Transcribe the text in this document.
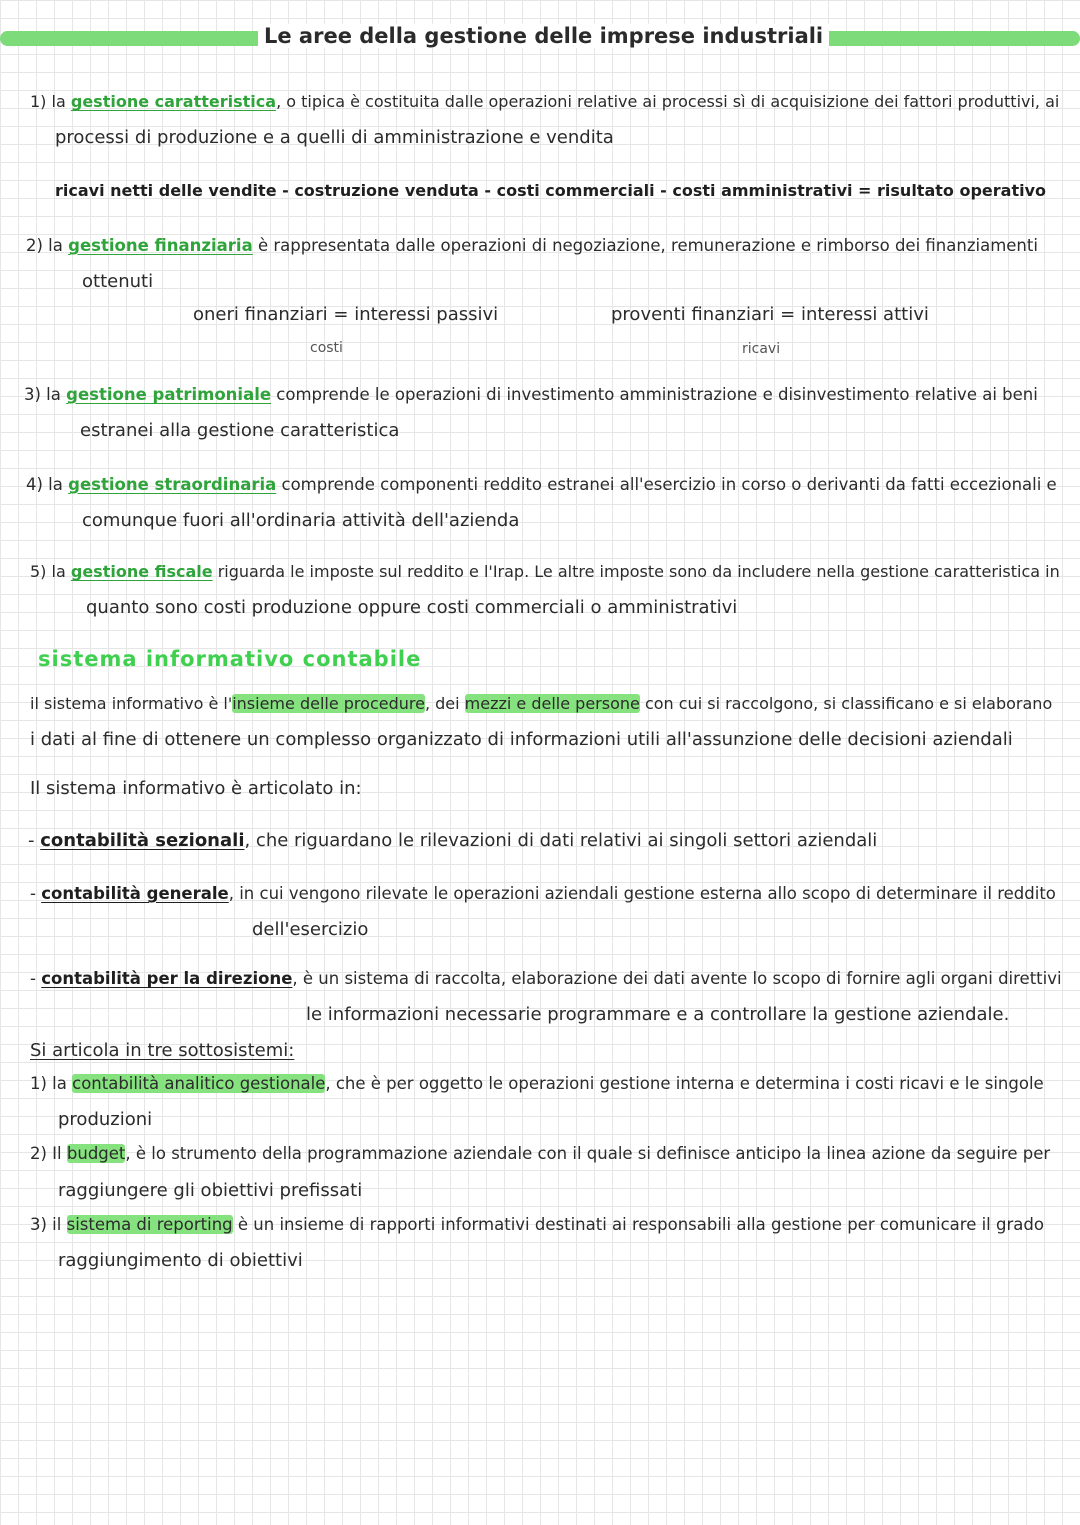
Le aree della gestione delle imprese industriali
1) la gestione caratteristica, o tipica è costituita dalle operazioni relative ai processi sì di acquisizione dei fattori produttivi, ai
processi di produzione e a quelli di amministrazione e vendita
ricavi netti delle vendite - costruzione venduta - costi commerciali - costi amministrativi = risultato operativo
2) la gestione finanziaria è rappresentata dalle operazioni di negoziazione, remunerazione e rimborso dei finanziamenti
ottenuti
oneri finanziari = interessi passivi
costi
proventi finanziari = interessi attivi
ricavi
3) la gestione patrimoniale comprende le operazioni di investimento amministrazione e disinvestimento relative ai beni
estranei alla gestione caratteristica
4) la gestione straordinaria comprende componenti reddito estranei all'esercizio in corso o derivanti da fatti eccezionali e
comunque fuori all'ordinaria attività dell'azienda
5) la gestione fiscale riguarda le imposte sul reddito e l'Irap. Le altre imposte sono da includere nella gestione caratteristica in
quanto sono costi produzione oppure costi commerciali o amministrativi
sistema informativo contabile
il sistema informativo è l'insieme delle procedure, dei mezzi e delle persone con cui si raccolgono, si classificano e si elaborano
i dati al fine di ottenere un complesso organizzato di informazioni utili all'assunzione delle decisioni aziendali
Il sistema informativo è articolato in:
- contabilità sezionali, che riguardano le rilevazioni di dati relativi ai singoli settori aziendali
- contabilità generale, in cui vengono rilevate le operazioni aziendali gestione esterna allo scopo di determinare il reddito
dell'esercizio
- contabilità per la direzione, è un sistema di raccolta, elaborazione dei dati avente lo scopo di fornire agli organi direttivi
le informazioni necessarie programmare e a controllare la gestione aziendale.
Si articola in tre sottosistemi:
1) la contabilità analitico gestionale, che è per oggetto le operazioni gestione interna e determina i costi ricavi e le singole
produzioni
2) Il budget, è lo strumento della programmazione aziendale con il quale si definisce anticipo la linea azione da seguire per
raggiungere gli obiettivi prefissati
3) il sistema di reporting è un insieme di rapporti informativi destinati ai responsabili alla gestione per comunicare il grado
raggiungimento di obiettivi
